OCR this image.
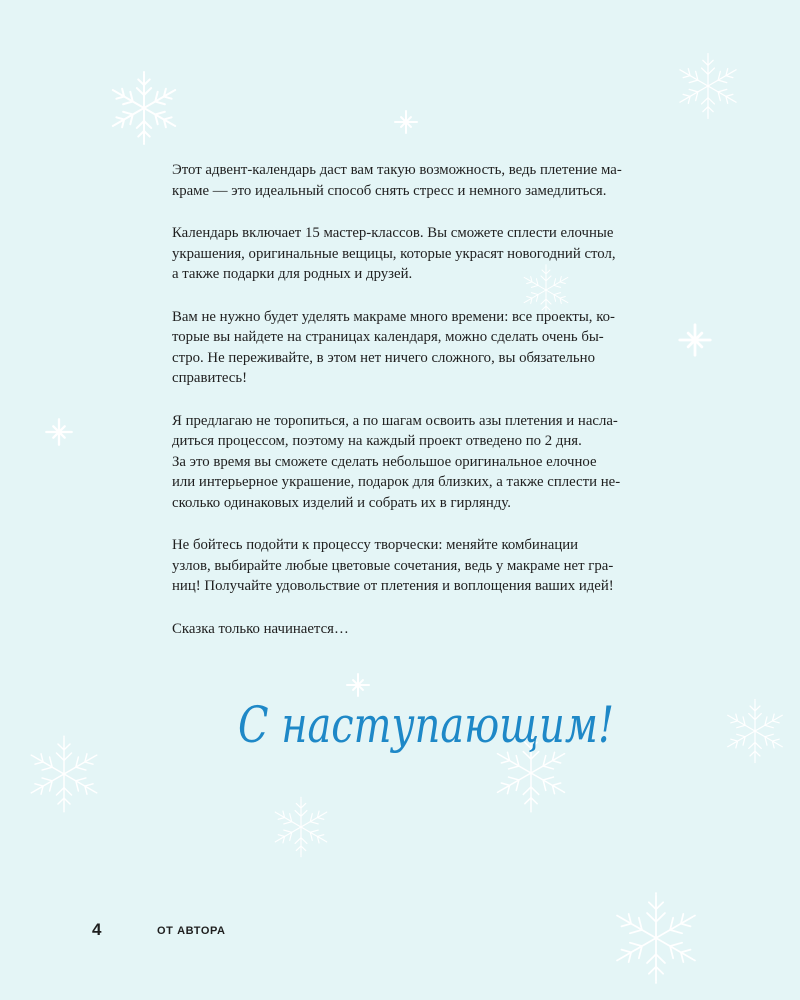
Этот адвент-календарь даст вам такую возможность, ведь плетение ма-
краме — это идеальный способ снять стресс и немного замедлиться.

Календарь включает 15 мастер-классов. Вы сможете сплести елочные
украшения, оригинальные вещицы, которые украсят новогодний стол,
а также подарки для родных и друзей.

Вам не нужно будет уделять макраме много времени: все проекты, ко-
торые вы найдете на страницах календаря, можно сделать очень бы-
стро. Не переживайте, в этом нет ничего сложного, вы обязательно
справитесь!

Я предлагаю не торопиться, а по шагам освоить азы плетения и насла-
диться процессом, поэтому на каждый проект отведено по 2 дня.
За это время вы сможете сделать небольшое оригинальное елочное
или интерьерное украшение, подарок для близких, а также сплести не-
сколько одинаковых изделий и собрать их в гирлянду.

Не бойтесь подойти к процессу творчески: меняйте комбинации
узлов, выбирайте любые цветовые сочетания, ведь у макраме нет гра-
ниц! Получайте удовольствие от плетения и воплощения ваших идей!

Сказка только начинается…

С наступающим!
4	ОТ АВТОРА
